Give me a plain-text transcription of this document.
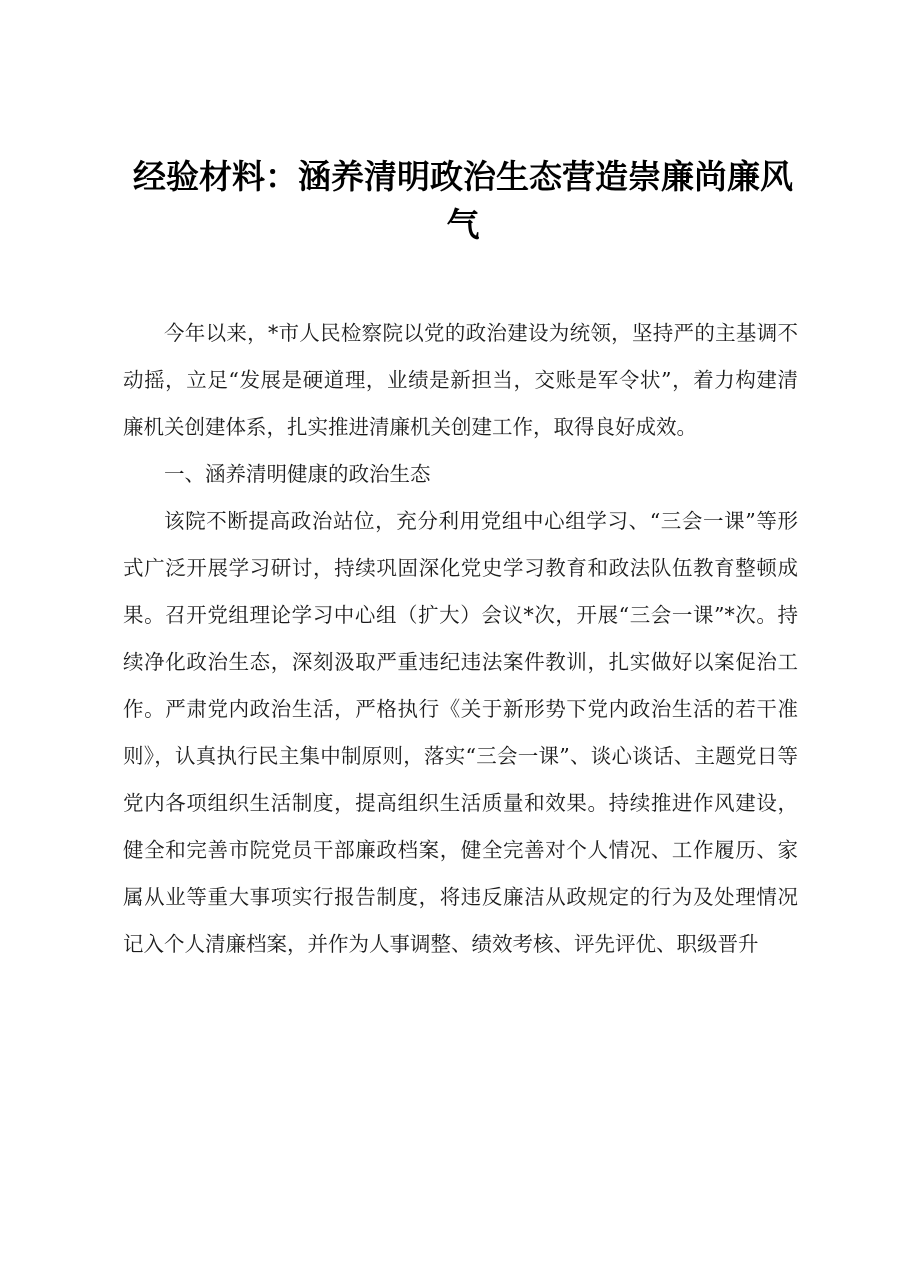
经验材料：涵养清明政治生态营造崇廉尚廉风气

今年以来，*市人民检察院以党的政治建设为统领，坚持严的主基调不动摇，立足“发展是硬道理，业绩是新担当，交账是军令状”，着力构建清廉机关创建体系，扎实推进清廉机关创建工作，取得良好成效。

一、涵养清明健康的政治生态

该院不断提高政治站位，充分利用党组中心组学习、“三会一课”等形式广泛开展学习研讨，持续巩固深化党史学习教育和政法队伍教育整顿成果。召开党组理论学习中心组（扩大）会议*次，开展“三会一课”*次。持续净化政治生态，深刻汲取严重违纪违法案件教训，扎实做好以案促治工作。严肃党内政治生活，严格执行《关于新形势下党内政治生活的若干准则》，认真执行民主集中制原则，落实“三会一课”、谈心谈话、主题党日等党内各项组织生活制度，提高组织生活质量和效果。持续推进作风建设，健全和完善市院党员干部廉政档案，健全完善对个人情况、工作履历、家属从业等重大事项实行报告制度，将违反廉洁从政规定的行为及处理情况记入个人清廉档案，并作为人事调整、绩效考核、评先评优、职级晋升
